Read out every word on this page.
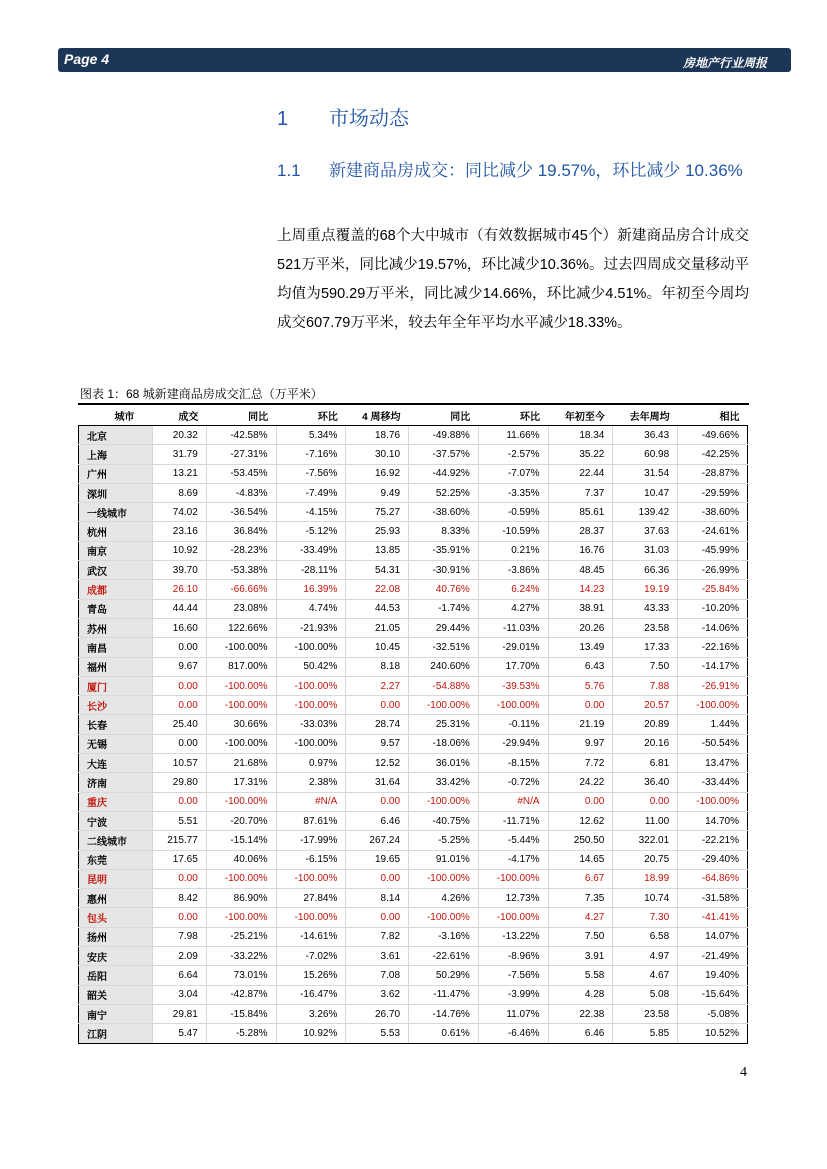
Page 4	房地产行业周报
1 市场动态
1.1 新建商品房成交：同比减少 19.57%，环比减少 10.36%
上周重点覆盖的68个大中城市（有效数据城市45个）新建商品房合计成交521万平米，同比减少19.57%，环比减少10.36%。过去四周成交量移动平均值为590.29万平米，同比减少14.66%，环比减少4.51%。年初至今周均成交607.79万平米，较去年全年平均水平减少18.33%。
图表 1：68 城新建商品房成交汇总（万平米）
城市	成交	同比	环比	4 周移均	同比	环比	年初至今	去年周均	相比
北京	20.32	-42.58%	5.34%	18.76	-49.88%	11.66%	18.34	36.43	-49.66%
上海	31.79	-27.31%	-7.16%	30.10	-37.57%	-2.57%	35.22	60.98	-42.25%
广州	13.21	-53.45%	-7.56%	16.92	-44.92%	-7.07%	22.44	31.54	-28.87%
深圳	8.69	-4.83%	-7.49%	9.49	52.25%	-3.35%	7.37	10.47	-29.59%
一线城市	74.02	-36.54%	-4.15%	75.27	-38.60%	-0.59%	85.61	139.42	-38.60%
杭州	23.16	36.84%	-5.12%	25.93	8.33%	-10.59%	28.37	37.63	-24.61%
南京	10.92	-28.23%	-33.49%	13.85	-35.91%	0.21%	16.76	31.03	-45.99%
武汉	39.70	-53.38%	-28.11%	54.31	-30.91%	-3.86%	48.45	66.36	-26.99%
成都	26.10	-66.66%	16.39%	22.08	40.76%	6.24%	14.23	19.19	-25.84%
青岛	44.44	23.08%	4.74%	44.53	-1.74%	4.27%	38.91	43.33	-10.20%
苏州	16.60	122.66%	-21.93%	21.05	29.44%	-11.03%	20.26	23.58	-14.06%
南昌	0.00	-100.00%	-100.00%	10.45	-32.51%	-29.01%	13.49	17.33	-22.16%
福州	9.67	817.00%	50.42%	8.18	240.60%	17.70%	6.43	7.50	-14.17%
厦门	0.00	-100.00%	-100.00%	2.27	-54.88%	-39.53%	5.76	7.88	-26.91%
长沙	0.00	-100.00%	-100.00%	0.00	-100.00%	-100.00%	0.00	20.57	-100.00%
长春	25.40	30.66%	-33.03%	28.74	25.31%	-0.11%	21.19	20.89	1.44%
无锡	0.00	-100.00%	-100.00%	9.57	-18.06%	-29.94%	9.97	20.16	-50.54%
大连	10.57	21.68%	0.97%	12.52	36.01%	-8.15%	7.72	6.81	13.47%
济南	29.80	17.31%	2.38%	31.64	33.42%	-0.72%	24.22	36.40	-33.44%
重庆	0.00	-100.00%	#N/A	0.00	-100.00%	#N/A	0.00	0.00	-100.00%
宁波	5.51	-20.70%	87.61%	6.46	-40.75%	-11.71%	12.62	11.00	14.70%
二线城市	215.77	-15.14%	-17.99%	267.24	-5.25%	-5.44%	250.50	322.01	-22.21%
东莞	17.65	40.06%	-6.15%	19.65	91.01%	-4.17%	14.65	20.75	-29.40%
昆明	0.00	-100.00%	-100.00%	0.00	-100.00%	-100.00%	6.67	18.99	-64.86%
惠州	8.42	86.90%	27.84%	8.14	4.26%	12.73%	7.35	10.74	-31.58%
包头	0.00	-100.00%	-100.00%	0.00	-100.00%	-100.00%	4.27	7.30	-41.41%
扬州	7.98	-25.21%	-14.61%	7.82	-3.16%	-13.22%	7.50	6.58	14.07%
安庆	2.09	-33.22%	-7.02%	3.61	-22.61%	-8.96%	3.91	4.97	-21.49%
岳阳	6.64	73.01%	15.26%	7.08	50.29%	-7.56%	5.58	4.67	19.40%
韶关	3.04	-42.87%	-16.47%	3.62	-11.47%	-3.99%	4.28	5.08	-15.64%
南宁	29.81	-15.84%	3.26%	26.70	-14.76%	11.07%	22.38	23.58	-5.08%
江阴	5.47	-5.28%	10.92%	5.53	0.61%	-6.46%	6.46	5.85	10.52%
4
